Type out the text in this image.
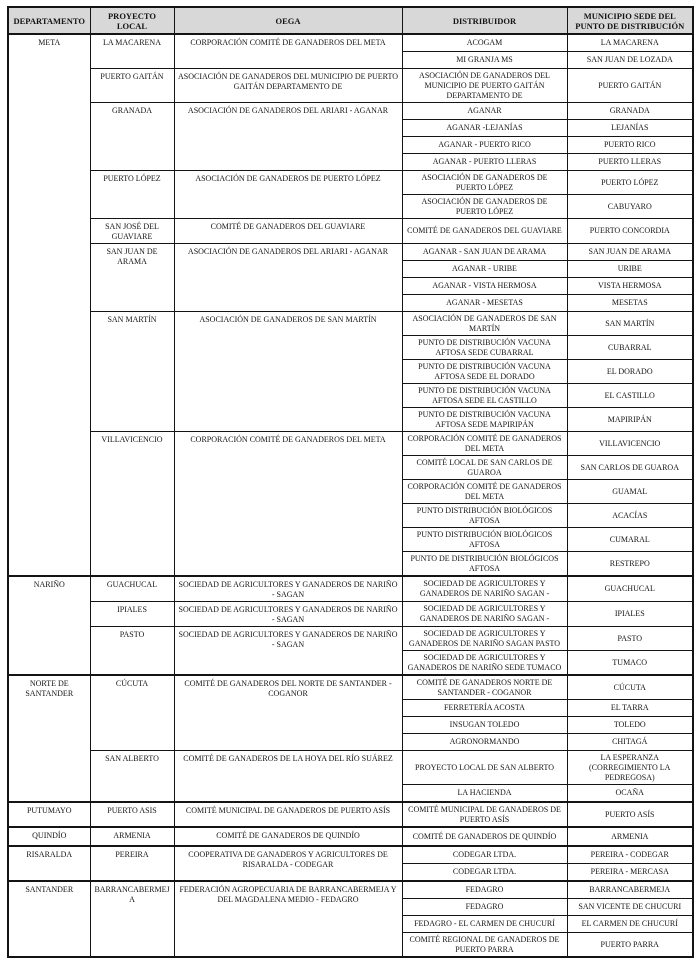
DEPARTAMENTO	PROYECTO LOCAL	OEGA	DISTRIBUIDOR	MUNICIPIO SEDE DEL PUNTO DE DISTRIBUCIÓN
META	LA MACARENA	CORPORACIÓN COMITÉ DE GANADEROS DEL META	ACOGAM	LA MACARENA
			MI GRANJA MS	SAN JUAN DE LOZADA
	PUERTO GAITÁN	ASOCIACIÓN DE GANADEROS DEL MUNICIPIO DE PUERTO GAITÁN DEPARTAMENTO DE	ASOCIACIÓN DE GANADEROS DEL MUNICIPIO DE PUERTO GAITÁN DEPARTAMENTO DE	PUERTO GAITÁN
	GRANADA	ASOCIACIÓN DE GANADEROS DEL ARIARI - AGANAR	AGANAR	GRANADA
			AGANAR -LEJANÍAS	LEJANÍAS
			AGANAR - PUERTO RICO	PUERTO RICO
			AGANAR - PUERTO LLERAS	PUERTO LLERAS
	PUERTO LÓPEZ	ASOCIACIÓN DE GANADEROS DE PUERTO LÓPEZ	ASOCIACIÓN DE GANADEROS DE PUERTO LÓPEZ	PUERTO LÓPEZ
			ASOCIACIÓN DE GANADEROS DE PUERTO LÓPEZ	CABUYARO
	SAN JOSÉ DEL GUAVIARE	COMITÉ DE GANADEROS DEL GUAVIARE	COMITÉ DE GANADEROS DEL GUAVIARE	PUERTO CONCORDIA
	SAN JUAN DE ARAMA	ASOCIACIÓN DE GANADEROS DEL ARIARI - AGANAR	AGANAR - SAN JUAN DE ARAMA	SAN JUAN DE ARAMA
			AGANAR - URIBE	URIBE
			AGANAR - VISTA HERMOSA	VISTA HERMOSA
			AGANAR - MESETAS	MESETAS
	SAN MARTÍN	ASOCIACIÓN DE GANADEROS DE SAN MARTÍN	ASOCIACIÓN DE GANADEROS DE SAN MARTÍN	SAN MARTÍN
			PUNTO DE DISTRIBUCIÓN VACUNA AFTOSA SEDE CUBARRAL	CUBARRAL
			PUNTO DE DISTRIBUCIÓN VACUNA AFTOSA SEDE EL DORADO	EL DORADO
			PUNTO DE DISTRIBUCIÓN VACUNA AFTOSA SEDE EL CASTILLO	EL CASTILLO
			PUNTO DE DISTRIBUCIÓN VACUNA AFTOSA SEDE MAPIRIPÁN	MAPIRIPÁN
	VILLAVICENCIO	CORPORACIÓN COMITÉ DE GANADEROS DEL META	CORPORACIÓN COMITÉ DE GANADEROS DEL META	VILLAVICENCIO
			COMITÉ LOCAL DE SAN CARLOS DE GUAROA	SAN CARLOS DE GUAROA
			CORPORACIÓN COMITÉ DE GANADEROS DEL META	GUAMAL
			PUNTO DISTRIBUCIÓN BIOLÓGICOS AFTOSA	ACACÍAS
			PUNTO DISTRIBUCIÓN BIOLÓGICOS AFTOSA	CUMARAL
			PUNTO DE DISTRIBUCIÓN BIOLÓGICOS AFTOSA	RESTREPO
NARIÑO	GUACHUCAL	SOCIEDAD DE AGRICULTORES Y GANADEROS DE NARIÑO - SAGAN	SOCIEDAD DE AGRICULTORES Y GANADEROS DE NARIÑO SAGAN -	GUACHUCAL
	IPIALES	SOCIEDAD DE AGRICULTORES Y GANADEROS DE NARIÑO - SAGAN	SOCIEDAD DE AGRICULTORES Y GANADEROS DE NARIÑO SAGAN -	IPIALES
	PASTO	SOCIEDAD DE AGRICULTORES Y GANADEROS DE NARIÑO - SAGAN	SOCIEDAD DE AGRICULTORES Y GANADEROS DE NARIÑO SAGAN PASTO	PASTO
			SOCIEDAD DE AGRICULTORES Y GANADEROS DE NARIÑO SEDE TUMACO	TUMACO
NORTE DE SANTANDER	CÚCUTA	COMITÉ DE GANADEROS DEL NORTE DE SANTANDER - COGANOR	COMITÉ DE GANADEROS NORTE DE SANTANDER - COGANOR	CÚCUTA
			FERRETERÍA ACOSTA	EL TARRA
			INSUGAN TOLEDO	TOLEDO
			AGRONORMANDO	CHITAGÁ
	SAN ALBERTO	COMITÉ DE GANADEROS DE LA HOYA DEL RÍO SUÁREZ	PROYECTO LOCAL DE SAN ALBERTO	LA ESPERANZA (CORREGIMIENTO LA PEDREGOSA)
			LA HACIENDA	OCAÑA
PUTUMAYO	PUERTO ASIS	COMITÉ MUNICIPAL DE GANADEROS DE PUERTO ASÍS	COMITÉ MUNICIPAL DE GANADEROS DE PUERTO ASÍS	PUERTO ASÍS
QUINDÍO	ARMENIA	COMITÉ DE GANADEROS DE QUINDÍO	COMITÉ DE GANADEROS DE QUINDÍO	ARMENIA
RISARALDA	PEREIRA	COOPERATIVA DE GANADEROS Y AGRICULTORES DE RISARALDA - CODEGAR	CODEGAR LTDA.	PEREIRA - CODEGAR
			CODEGAR LTDA.	PEREIRA - MERCASA
SANTANDER	BARRANCABERMEJA	FEDERACIÓN AGROPECUARIA DE BARRANCABERMEJA Y DEL MAGDALENA MEDIO - FEDAGRO	FEDAGRO	BARRANCABERMEJA
			FEDAGRO	SAN VICENTE DE CHUCURI
			FEDAGRO - EL CARMEN DE CHUCURÍ	EL CARMEN DE CHUCURÍ
			COMITÉ REGIONAL DE GANADEROS DE PUERTO PARRA	PUERTO PARRA
